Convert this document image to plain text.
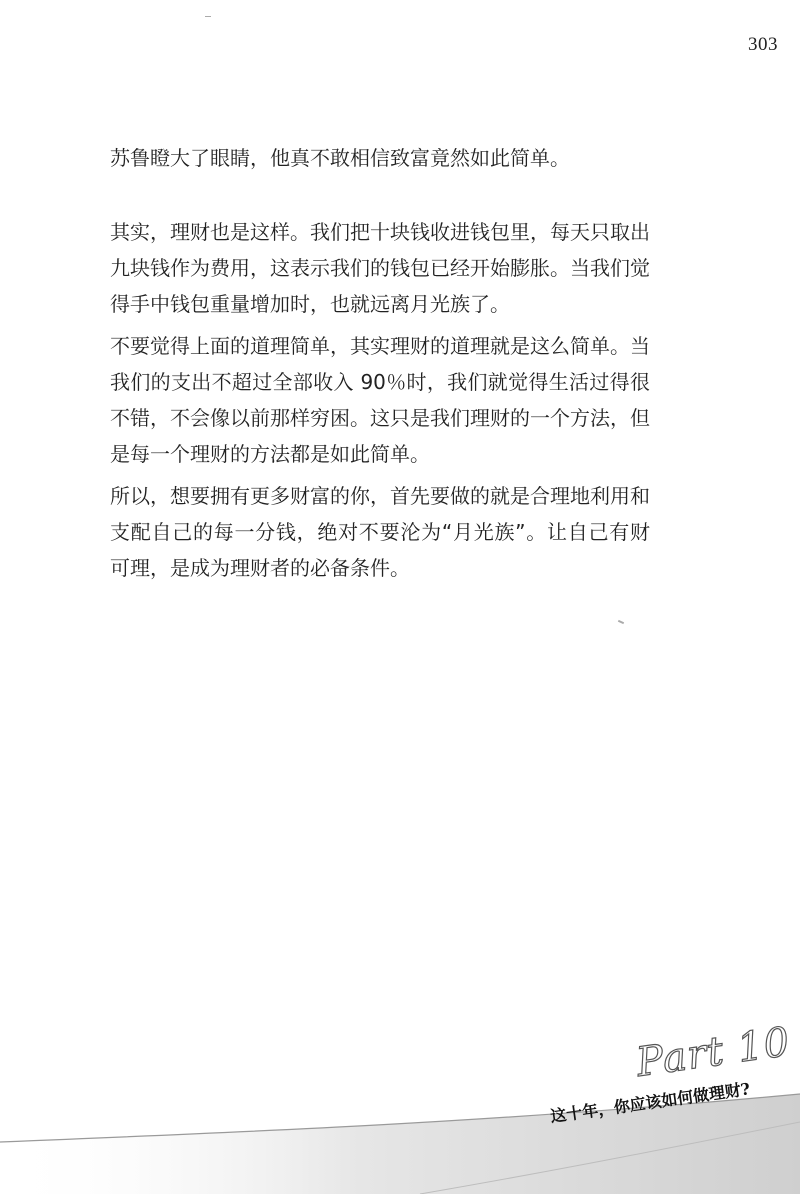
303

苏鲁瞪大了眼睛，他真不敢相信致富竟然如此简单。

其实，理财也是这样。我们把十块钱收进钱包里，每天只取出九块钱作为费用，这表示我们的钱包已经开始膨胀。当我们觉得手中钱包重量增加时，也就远离月光族了。

不要觉得上面的道理简单，其实理财的道理就是这么简单。当我们的支出不超过全部收入 90％时，我们就觉得生活过得很不错，不会像以前那样穷困。这只是我们理财的一个方法，但是每一个理财的方法都是如此简单。

所以，想要拥有更多财富的你，首先要做的就是合理地利用和支配自己的每一分钱，绝对不要沦为“月光族”。让自己有财可理，是成为理财者的必备条件。

Part 10
这十年，你应该如何做理财?
